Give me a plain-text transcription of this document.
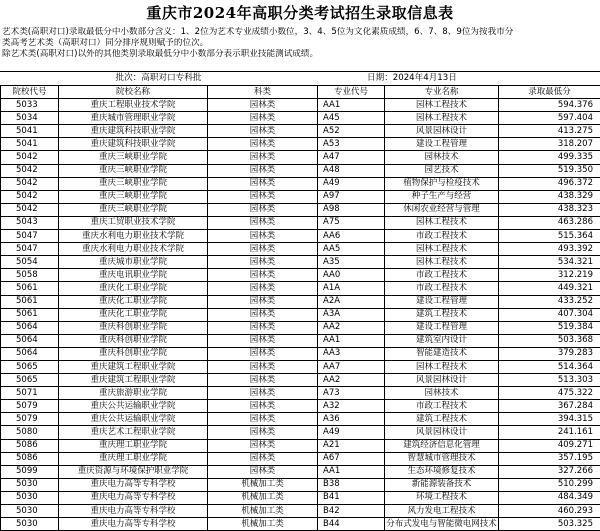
重庆市2024年高职分类考试招生录取信息表
艺术类(高职对口)录取最低分中小数部分含义：1、2位为艺术专业成绩小数位，3、4、5位为文化素质成绩，6、7、8、9位为按我市分
类高考艺术类（高职对口）同分排序规则赋予的位次。
除艺术类(高职对口)以外的其他类别录取最低分中小数部分表示职业技能测试成绩。
批次：高职对口专科批	日期：2024年4月13日
院校代号	院校名称	科类	专业代号	专业名称	录取最低分
5033	重庆工程职业技术学院	园林类	AA1	园林工程技术	594.376
5034	重庆城市管理职业学院	园林类	A45	园林工程技术	597.404
5041	重庆建筑科技职业学院	园林类	A52	风景园林设计	413.275
5041	重庆建筑科技职业学院	园林类	A53	建设工程管理	318.207
5042	重庆三峡职业学院	园林类	A47	园林技术	499.335
5042	重庆三峡职业学院	园林类	A48	园艺技术	519.350
5042	重庆三峡职业学院	园林类	A49	植物保护与检疫技术	496.372
5042	重庆三峡职业学院	园林类	A97	种子生产与经营	438.329
5042	重庆三峡职业学院	园林类	A98	休闲农业经营与管理	438.323
5043	重庆工贸职业技术学院	园林类	A75	园林工程技术	463.286
5047	重庆水利电力职业技术学院	园林类	AA6	市政工程技术	515.364
5047	重庆水利电力职业技术学院	园林类	AA5	园林工程技术	493.392
5054	重庆城市职业学院	园林类	A35	园林工程技术	534.321
5058	重庆电讯职业学院	园林类	AA0	市政工程技术	312.219
5061	重庆化工职业学院	园林类	A1A	市政工程技术	449.321
5061	重庆化工职业学院	园林类	A2A	建设工程管理	433.252
5061	重庆化工职业学院	园林类	A3A	建筑工程技术	407.304
5064	重庆科创职业学院	园林类	AA2	建设工程管理	519.384
5064	重庆科创职业学院	园林类	AA1	建筑室内设计	503.368
5064	重庆科创职业学院	园林类	AA3	智能建造技术	379.283
5065	重庆建筑工程职业学院	园林类	AA7	园林工程技术	514.364
5065	重庆建筑工程职业学院	园林类	AA2	风景园林设计	513.303
5071	重庆旅游职业学院	园林类	A73	园林技术	475.322
5079	重庆公共运输职业学院	园林类	A32	市政工程技术	367.284
5079	重庆公共运输职业学院	园林类	A36	建筑工程技术	394.315
5080	重庆艺术工程职业学院	园林类	A49	风景园林设计	241.161
5086	重庆理工职业学院	园林类	A21	建筑经济信息化管理	409.271
5086	重庆理工职业学院	园林类	A67	智慧城市管理技术	357.195
5099	重庆资源与环境保护职业学院	园林类	AA1	生态环境修复技术	327.266
5030	重庆电力高等专科学校	机械加工类	B38	新能源装备技术	510.299
5030	重庆电力高等专科学校	机械加工类	B41	环境工程技术	484.349
5030	重庆电力高等专科学校	机械加工类	B42	风力发电工程技术	460.293
5030	重庆电力高等专科学校	机械加工类	B44	分布式发电与智能微电网技术	503.325
